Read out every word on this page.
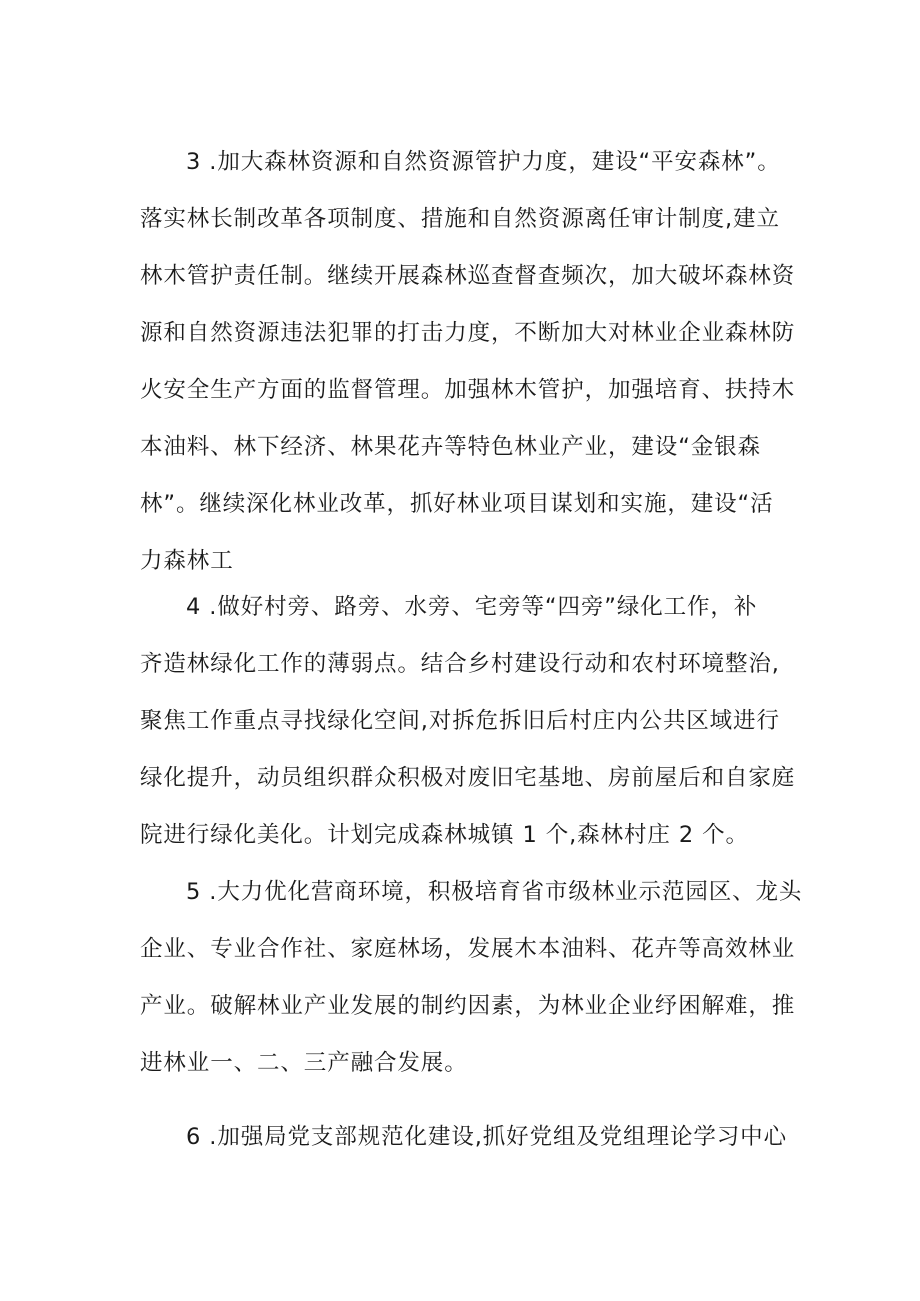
3 .加大森林资源和自然资源管护力度，建设“平安森林”。
落实林长制改革各项制度、措施和自然资源离任审计制度,建立
林木管护责任制。继续开展森林巡查督查频次，加大破坏森林资
源和自然资源违法犯罪的打击力度，不断加大对林业企业森林防
火安全生产方面的监督管理。加强林木管护，加强培育、扶持木
本油料、林下经济、林果花卉等特色林业产业，建设“金银森
林”。继续深化林业改革，抓好林业项目谋划和实施，建设“活
力森林工
4 .做好村旁、路旁、水旁、宅旁等“四旁”绿化工作，补
齐造林绿化工作的薄弱点。结合乡村建设行动和农村环境整治,
聚焦工作重点寻找绿化空间,对拆危拆旧后村庄内公共区域进行
绿化提升，动员组织群众积极对废旧宅基地、房前屋后和自家庭
院进行绿化美化。计划完成森林城镇 1 个,森林村庄 2 个。
5 .大力优化营商环境，积极培育省市级林业示范园区、龙头
企业、专业合作社、家庭林场，发展木本油料、花卉等高效林业
产业。破解林业产业发展的制约因素，为林业企业纾困解难，推
进林业一、二、三产融合发展。
6 .加强局党支部规范化建设,抓好党组及党组理论学习中心
